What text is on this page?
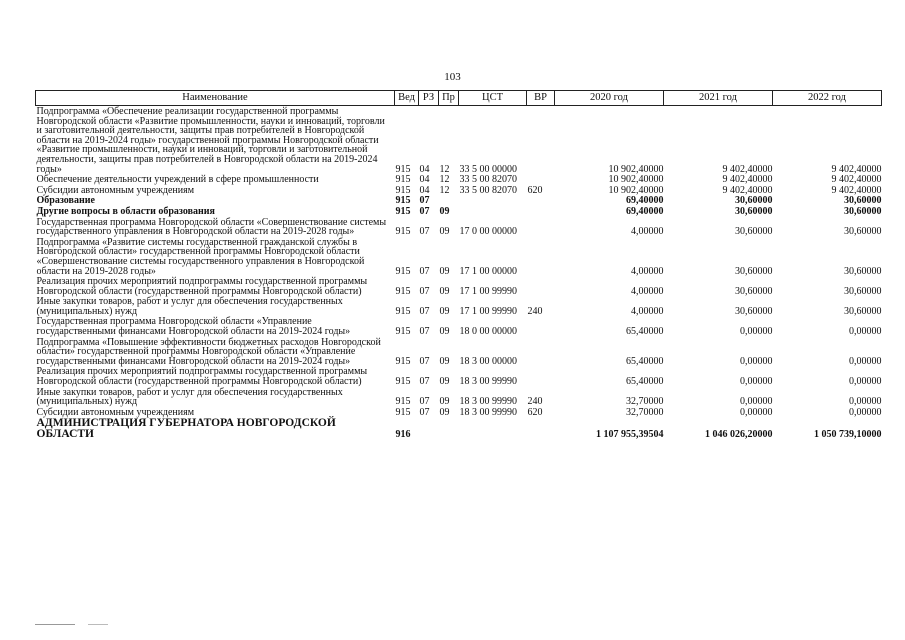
103
Наименование	Вед	РЗ	Пр	ЦСТ	ВР	2020 год	2021 год	2022 год
Подпрограмма «Обеспечение реализации государственной программы Новгородской области «Развитие промышленности, науки и инноваций, торговли и заготовительной деятельности, защиты прав потребителей в Новгородской области на 2019-2024 годы» государственной программы Новгородской области «Развитие промышленности, науки и инноваций, торговли и заготовительной деятельности, защиты прав потребителей в Новгородской области на 2019-2024 годы»	915	04	12	33 5 00 00000		10 902,40000	9 402,40000	9 402,40000
Обеспечение деятельности учреждений в сфере промышленности	915	04	12	33 5 00 82070		10 902,40000	9 402,40000	9 402,40000
Субсидии автономным учреждениям	915	04	12	33 5 00 82070	620	10 902,40000	9 402,40000	9 402,40000
Образование	915	07				69,40000	30,60000	30,60000
Другие вопросы в области образования	915	07	09			69,40000	30,60000	30,60000
Государственная программа Новгородской области «Совершенствование системы государственного управления в Новгородской области на 2019-2028 годы»	915	07	09	17 0 00 00000		4,00000	30,60000	30,60000
Подпрограмма «Развитие системы государственной гражданской службы в Новгородской области» государственной программы Новгородской области «Совершенствование системы государственного управления в Новгородской области на 2019-2028 годы»	915	07	09	17 1 00 00000		4,00000	30,60000	30,60000
Реализация прочих мероприятий подпрограммы государственной программы Новгородской области (государственной программы Новгородской области)	915	07	09	17 1 00 99990		4,00000	30,60000	30,60000
Иные закупки товаров, работ и услуг для обеспечения государственных (муниципальных) нужд	915	07	09	17 1 00 99990	240	4,00000	30,60000	30,60000
Государственная программа Новгородской области «Управление государственными финансами Новгородской области на 2019-2024 годы»	915	07	09	18 0 00 00000		65,40000	0,00000	0,00000
Подпрограмма «Повышение эффективности бюджетных расходов Новгородской области» государственной программы Новгородской области «Управление государственными финансами Новгородской области на 2019-2024 годы»	915	07	09	18 3 00 00000		65,40000	0,00000	0,00000
Реализация прочих мероприятий подпрограммы государственной программы Новгородской области (государственной программы Новгородской области)	915	07	09	18 3 00 99990		65,40000	0,00000	0,00000
Иные закупки товаров, работ и услуг для обеспечения государственных (муниципальных) нужд	915	07	09	18 3 00 99990	240	32,70000	0,00000	0,00000
Субсидии автономным учреждениям	915	07	09	18 3 00 99990	620	32,70000	0,00000	0,00000
АДМИНИСТРАЦИЯ ГУБЕРНАТОРА НОВГОРОДСКОЙ ОБЛАСТИ	916					1 107 955,39504	1 046 026,20000	1 050 739,10000
